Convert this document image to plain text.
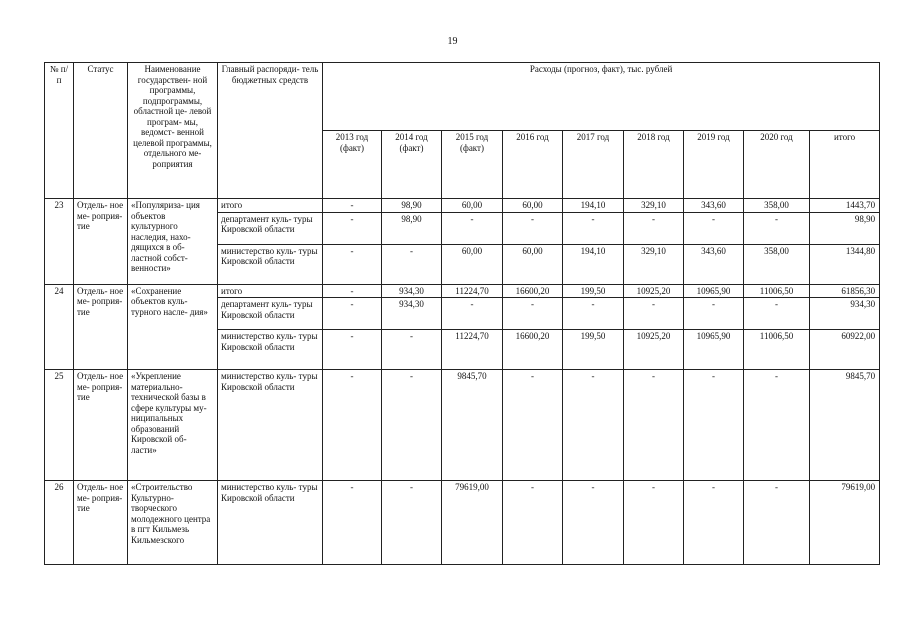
19
№ п/п	Статус	Наименование государствен- ной программы, подпрограммы, областной це- левой програм- мы, ведомст- венной целевой программы, отдельного ме- роприятия	Главный распоряди- тель бюджетных средств	Расходы (прогноз, факт), тыс. рублей								
				2013 год (факт)	2014 год (факт)	2015 год (факт)	2016 год	2017 год	2018 год	2019 год	2020 год	итого
23	Отдель- ное ме- роприя- тие	«Популяриза- ция объектов культурного наследия, нахо- дящихся в об- ластной собст- венности»	итого	-	98,90	60,00	60,00	194,10	329,10	343,60	358,00	1443,70
			департамент куль- туры Кировской области	-	98,90	-	-	-	-	-	-	98,90
			министерство куль- туры Кировской области	-	-	60,00	60,00	194,10	329,10	343,60	358,00	1344,80
24	Отдель- ное ме- роприя- тие	«Сохранение объектов куль- турного насле- дия»	итого	-	934,30	11224,70	16600,20	199,50	10925,20	10965,90	11006,50	61856,30
			департамент куль- туры Кировской области	-	934,30	-	-	-	-	-	-	934,30
			министерство куль- туры Кировской области	-	-	11224,70	16600,20	199,50	10925,20	10965,90	11006,50	60922,00
25	Отдель- ное ме- роприя- тие	«Укрепление материально- технической базы в сфере культуры му- ниципальных образований Кировской об- ласти»	министерство куль- туры Кировской области	-	-	9845,70	-	-	-	-	-	9845,70
26	Отдель- ное ме- роприя- тие	«Строительство Культурно- творческого молодежного центра в пгт Кильмезь Кильмезского	министерство куль- туры Кировской области	-	-	79619,00	-	-	-	-	-	79619,00
